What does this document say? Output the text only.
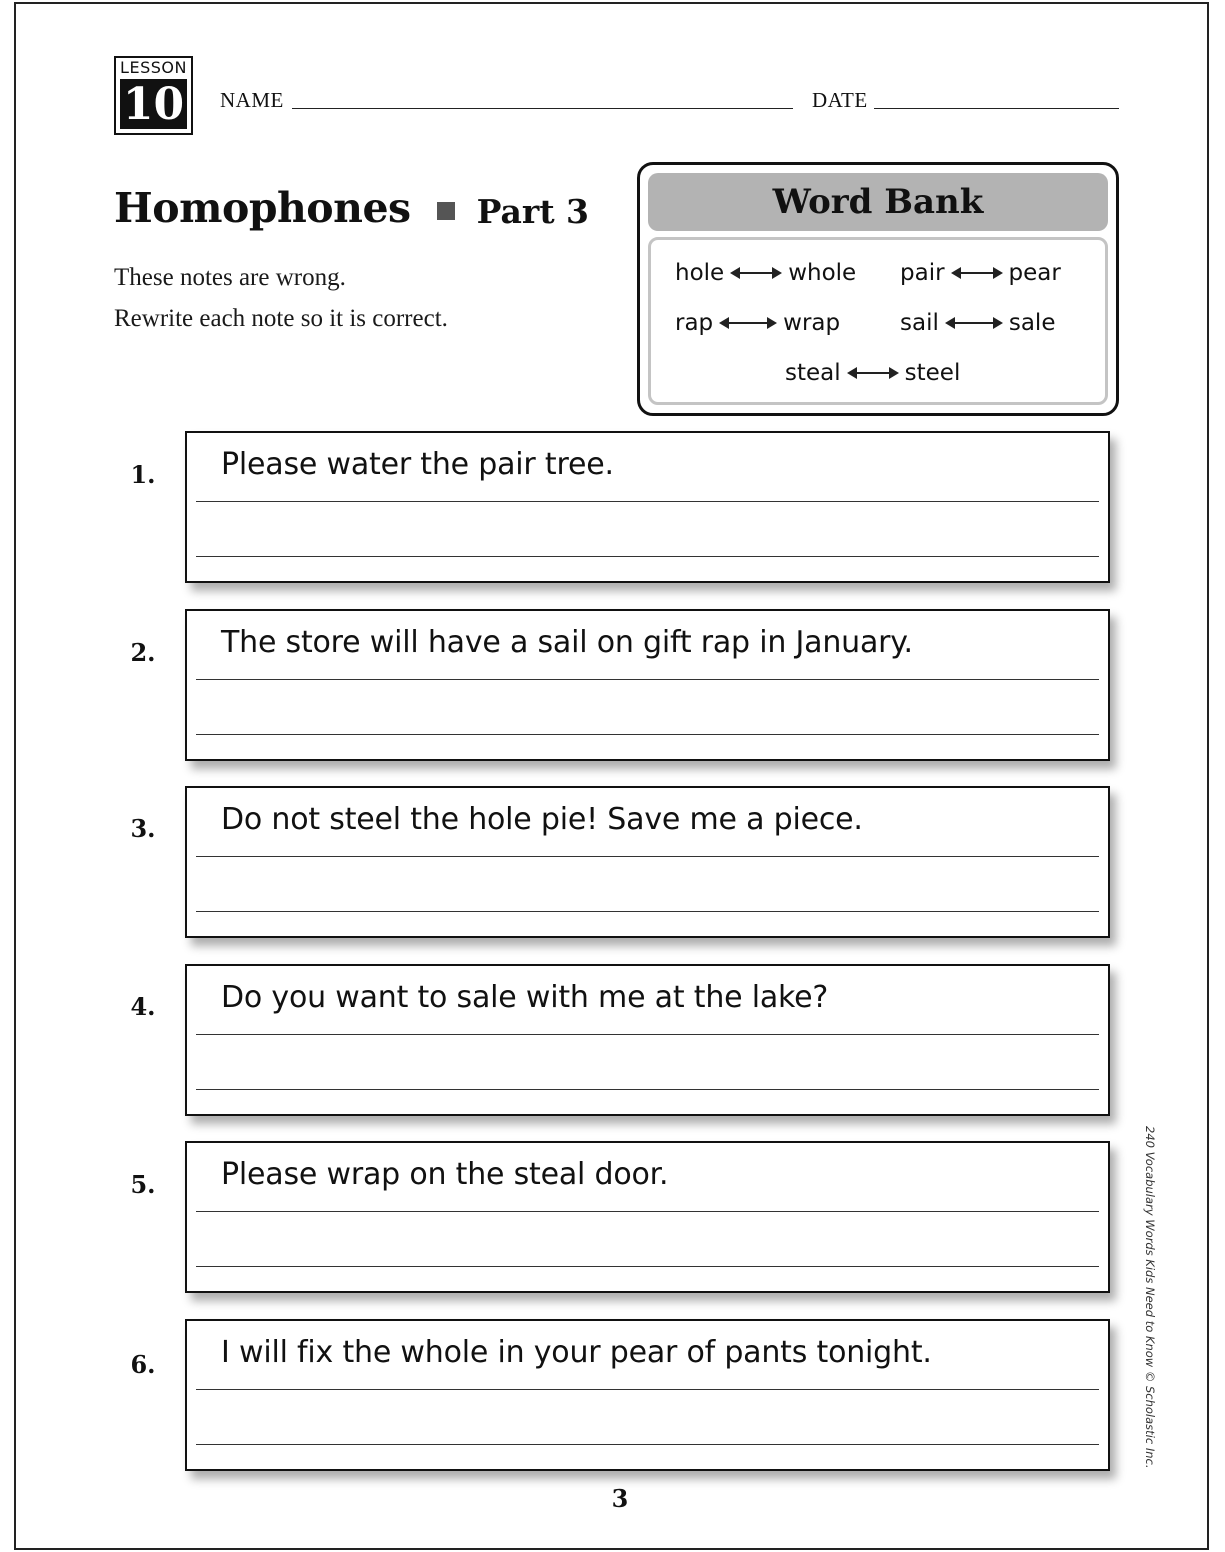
LESSON
10 NAME	DATE
Homophones Part 3
These notes are wrong.
Rewrite each note so it is correct.
Word Bank
hole	whole pair	pear
rap	wrap	sail	sale
steal	steel
1.	Please water the pair tree.
2.	The store will have a sail on gift rap in January.
3.	Do not steel the hole pie! Save me a piece.
4.	Do you want to sale with me at the lake?
5.	Please wrap on the steal door.
6.	I will fix the whole in your pear of pants tonight.
3
240 Vocabulary Words Kids Need to Know © Scholastic Inc.
